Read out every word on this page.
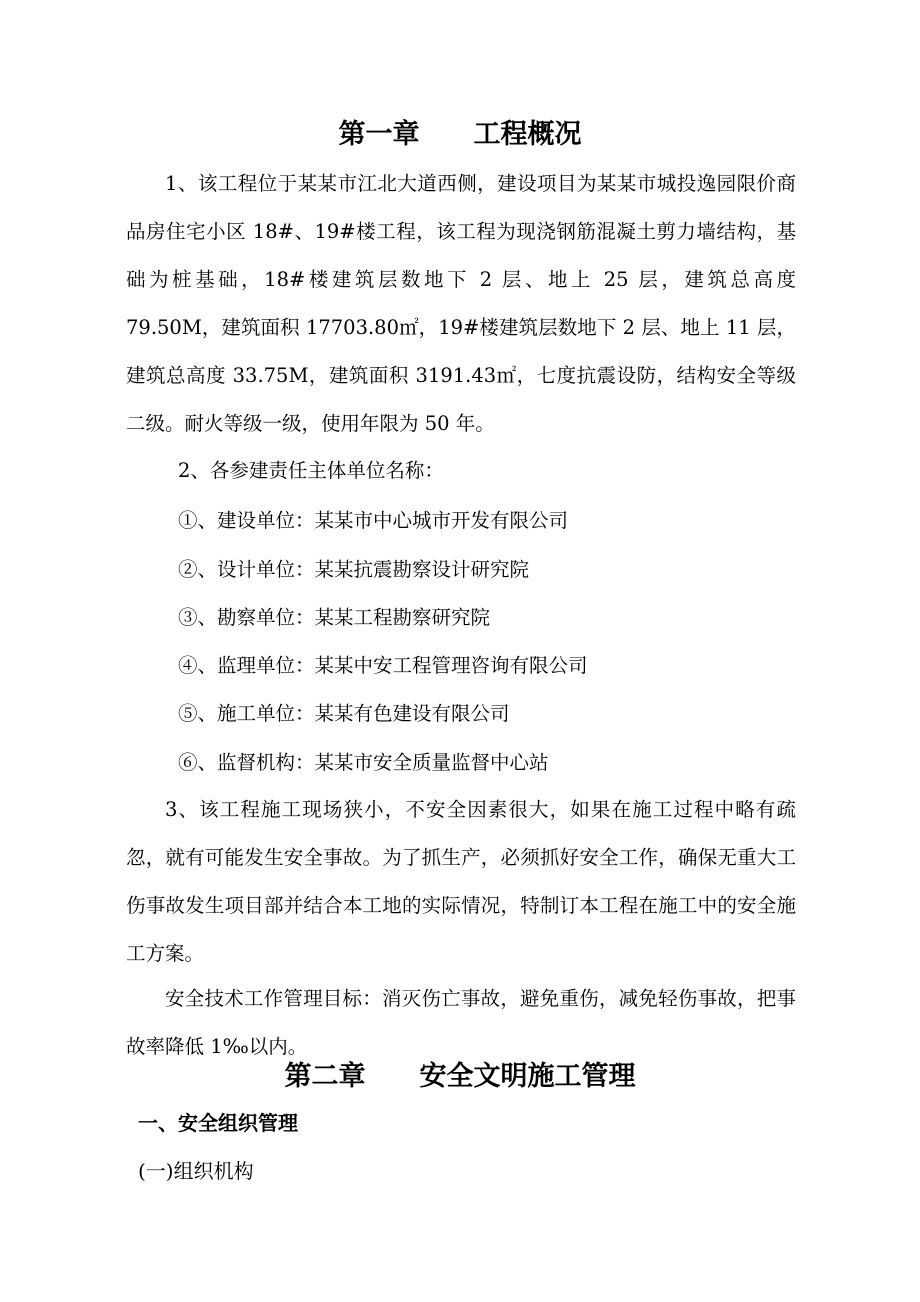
第一章　　工程概况

1、该工程位于某某市江北大道西侧，建设项目为某某市城投逸园限价商品房住宅小区 18#、19#楼工程，该工程为现浇钢筋混凝土剪力墙结构，基础为桩基础，18#楼建筑层数地下 2 层、地上 25 层，建筑总高度 79.50M，建筑面积 17703.80㎡，19#楼建筑层数地下 2 层、地上 11 层，建筑总高度 33.75M，建筑面积 3191.43㎡，七度抗震设防，结构安全等级二级。耐火等级一级，使用年限为 50 年。

2、各参建责任主体单位名称：

①、建设单位：某某市中心城市开发有限公司

②、设计单位：某某抗震勘察设计研究院

③、勘察单位：某某工程勘察研究院

④、监理单位：某某中安工程管理咨询有限公司

⑤、施工单位：某某有色建设有限公司

⑥、监督机构：某某市安全质量监督中心站

3、该工程施工现场狭小，不安全因素很大，如果在施工过程中略有疏忽，就有可能发生安全事故。为了抓生产，必须抓好安全工作，确保无重大工伤事故发生项目部并结合本工地的实际情况，特制订本工程在施工中的安全施工方案。

安全技术工作管理目标：消灭伤亡事故，避免重伤，减免轻伤事故，把事故率降低 1‰以内。

第二章　　安全文明施工管理
一、安全组织管理

(一)组织机构
